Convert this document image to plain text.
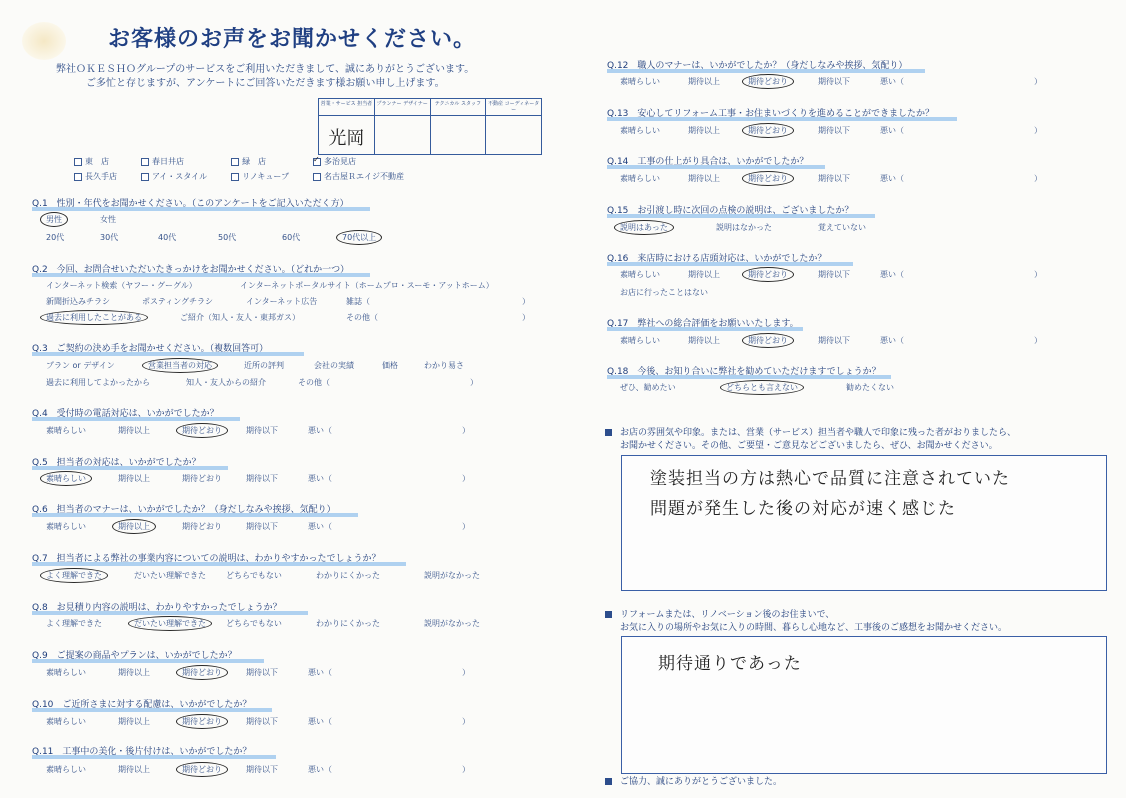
お客様のお声をお聞かせください。
弊社ＯＫＥＳＨＯグループのサービスをご利用いただきまして、誠にありがとうございます。
ご多忙と存じますが、アンケートにご回答いただきます様お願い申し上げます。
営業・サービス 担当者
光岡
プランナー デザイナー	テクニカル スタッフ	不動産 コーディネーター
東　店	春日井店	緑　店
✓	多治見店
長久手店	アイ・スタイル	リノキューブ	名古屋Ｒエイジ不動産
Q.1　性別・年代をお聞かせください。（このアンケートをご記入いただく方）
男性	女性
20代	30代	40代	50代	60代	70代以上
Q.2　今回、お問合せいただいたきっかけをお聞かせください。（どれか一つ）
インターネット検索（ヤフー・グーグル）	インターネットポータルサイト（ホームプロ・スーモ・アットホーム）
新聞折込みチラシ	ポスティングチラシ	インターネット広告	雑誌（	）
過去に利用したことがある	ご紹介（知人・友人・東邦ガス）	その他（	）
Q.3　ご契約の決め手をお聞かせください。（複数回答可）
プラン or デザイン	営業担当者の対応	近所の評判	会社の実績	価格	わかり易さ
過去に利用してよかったから	知人・友人からの紹介	その他（	）
Q.4　受付時の電話対応は、いかがでしたか？
素晴らしい	期待以上	期待どおり	期待以下	悪い（	）
Q.5　担当者の対応は、いかがでしたか？
素晴らしい	期待以上	期待どおり	期待以下	悪い（	）
Q.6　担当者のマナーは、いかがでしたか？（身だしなみや挨拶、気配り）
素晴らしい	期待以上	期待どおり	期待以下	悪い（	）
Q.7　担当者による弊社の事業内容についての説明は、わかりやすかったでしょうか？
よく理解できた	だいたい理解できた	どちらでもない	わかりにくかった	説明がなかった
Q.8　お見積り内容の説明は、わかりやすかったでしょうか？
よく理解できた	だいたい理解できた	どちらでもない	わかりにくかった	説明がなかった
Q.9　ご提案の商品やプランは、いかがでしたか？
素晴らしい	期待以上	期待どおり	期待以下	悪い（	）
Q.10　ご近所さまに対する配慮は、いかがでしたか？
素晴らしい	期待以上	期待どおり	期待以下	悪い（	）
Q.11　工事中の美化・後片付けは、いかがでしたか？
素晴らしい	期待以上	期待どおり	期待以下	悪い（	）
Q.12　職人のマナーは、いかがでしたか？（身だしなみや挨拶、気配り）
素晴らしい	期待以上	期待どおり	期待以下	悪い（	）
Q.13　安心してリフォーム工事・お住まいづくりを進めることができましたか？
素晴らしい	期待以上	期待どおり	期待以下	悪い（	）
Q.14　工事の仕上がり具合は、いかがでしたか？
素晴らしい	期待以上	期待どおり	期待以下	悪い（	）
Q.15　お引渡し時に次回の点検の説明は、ございましたか？
説明はあった	説明はなかった	覚えていない
Q.16　来店時における店頭対応は、いかがでしたか？
素晴らしい	期待以上	期待どおり	期待以下	悪い（	）
お店に行ったことはない
Q.17　弊社への総合評価をお願いいたします。
素晴らしい	期待以上	期待どおり	期待以下	悪い（	）
Q.18　今後、お知り合いに弊社を勧めていただけますでしょうか？
ぜひ、勧めたい	どちらとも言えない	勧めたくない
お店の雰囲気や印象。または、営業（サービス）担当者や職人で印象に残った者がおりましたら、
お聞かせください。その他、ご要望・ご意見などございましたら、ぜひ、お聞かせください。
塗装担当の方は熱心で品質に注意されていた
問題が発生した後の対応が速く感じた
リフォームまたは、リノベーション後のお住まいで、
お気に入りの場所やお気に入りの時間、暮らし心地など、工事後のご感想をお聞かせください。
期待通りであった
ご協力、誠にありがとうございました。
